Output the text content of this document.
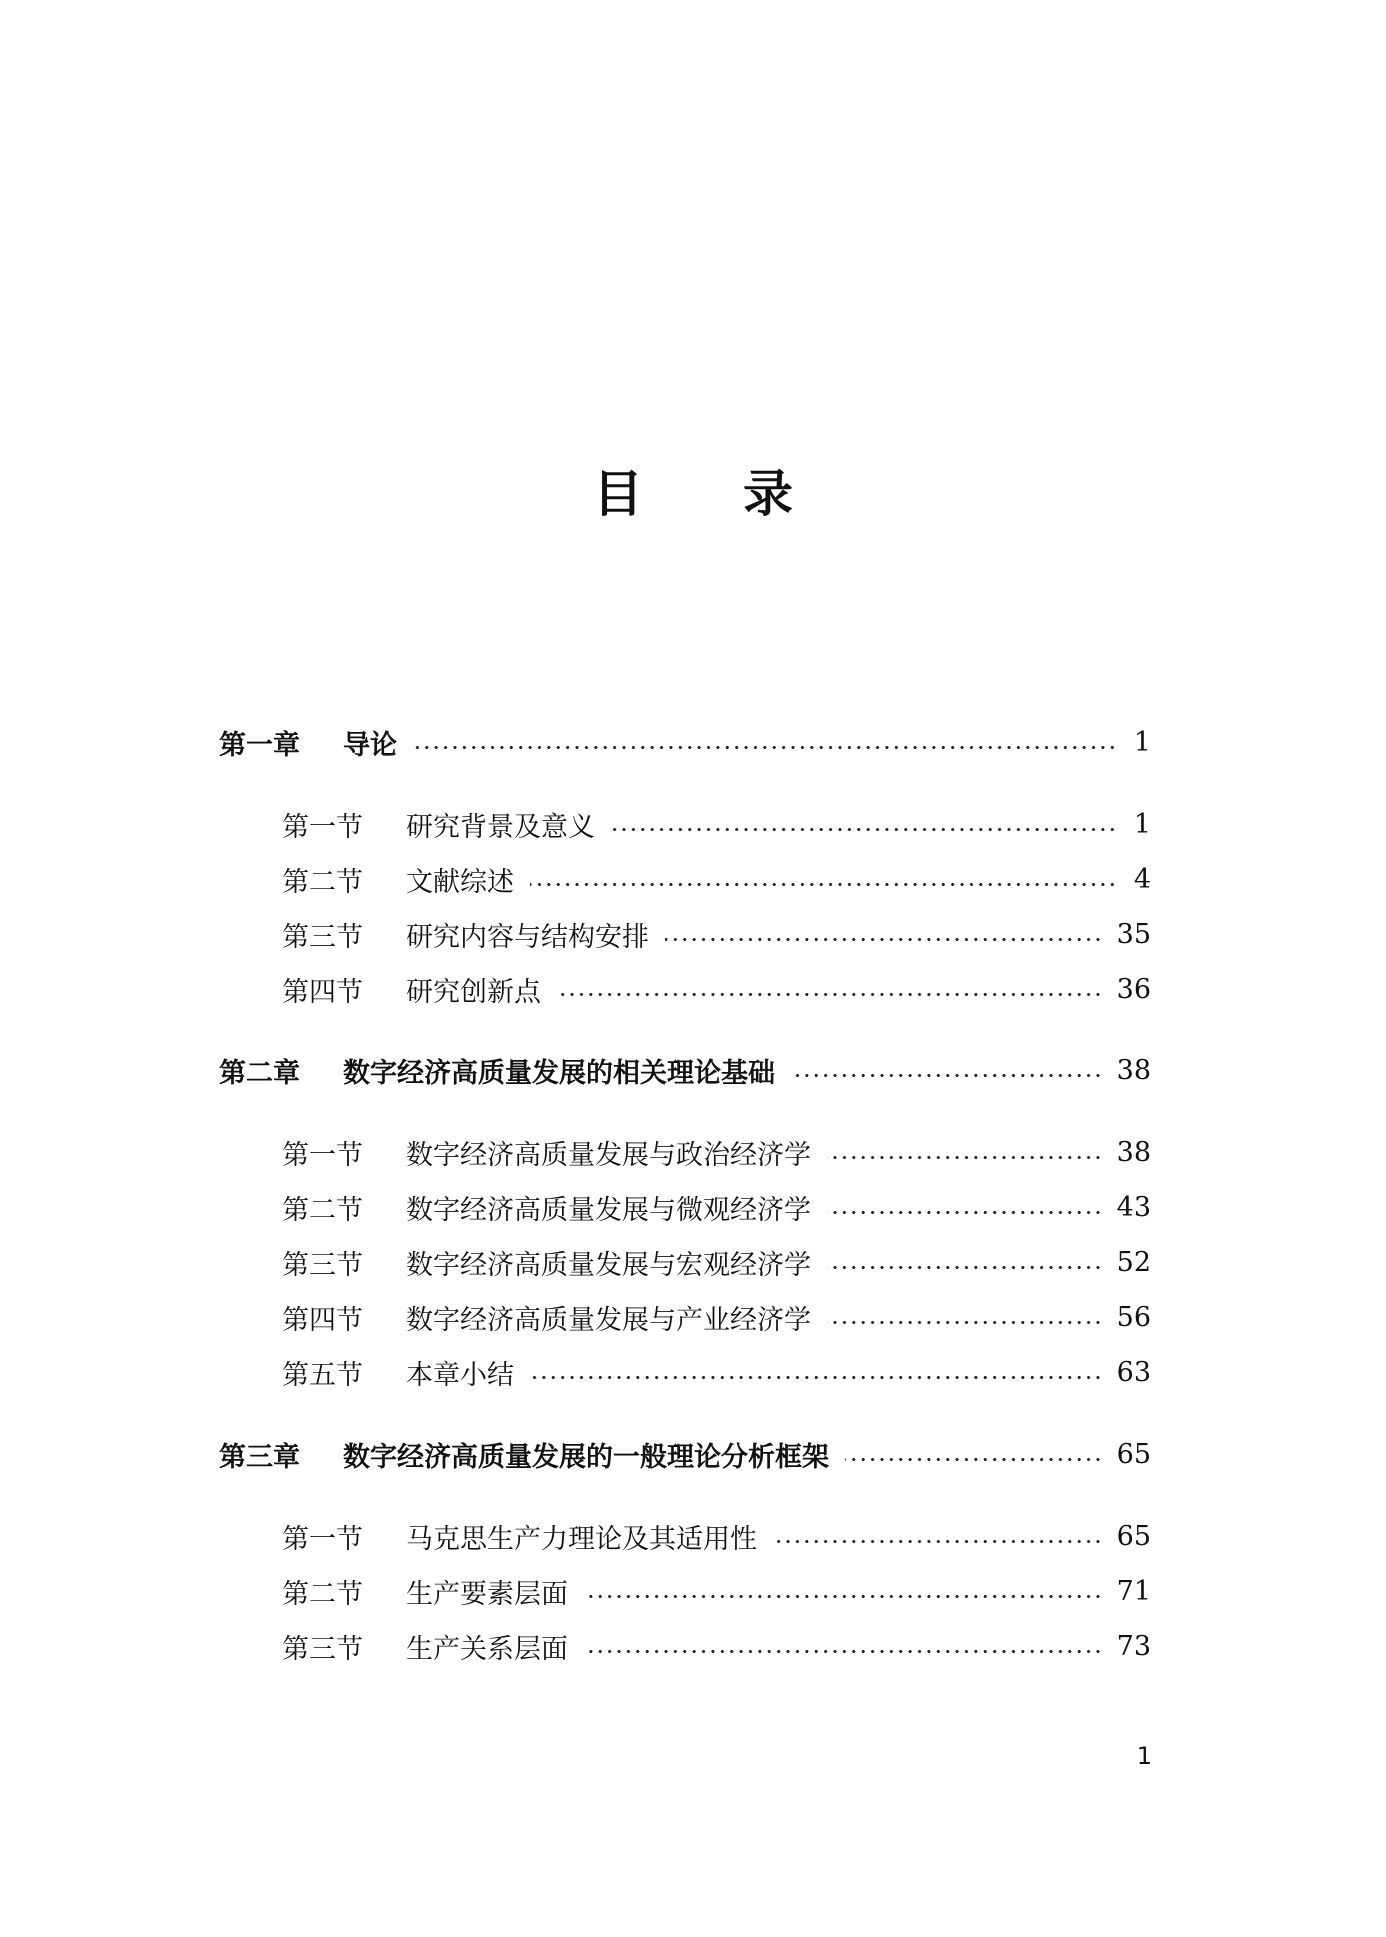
目 录
第一章	导论	1
第一节	研究背景及意义	1
第二节	文献综述	4
第三节	研究内容与结构安排	35
第四节	研究创新点	36
第二章	数字经济高质量发展的相关理论基础	38
第一节	数字经济高质量发展与政治经济学	38
第二节	数字经济高质量发展与微观经济学	43
第三节	数字经济高质量发展与宏观经济学	52
第四节	数字经济高质量发展与产业经济学	56
第五节	本章小结	63
第三章	数字经济高质量发展的一般理论分析框架	65
第一节	马克思生产力理论及其适用性	65
第二节	生产要素层面	71
第三节	生产关系层面	73
1
